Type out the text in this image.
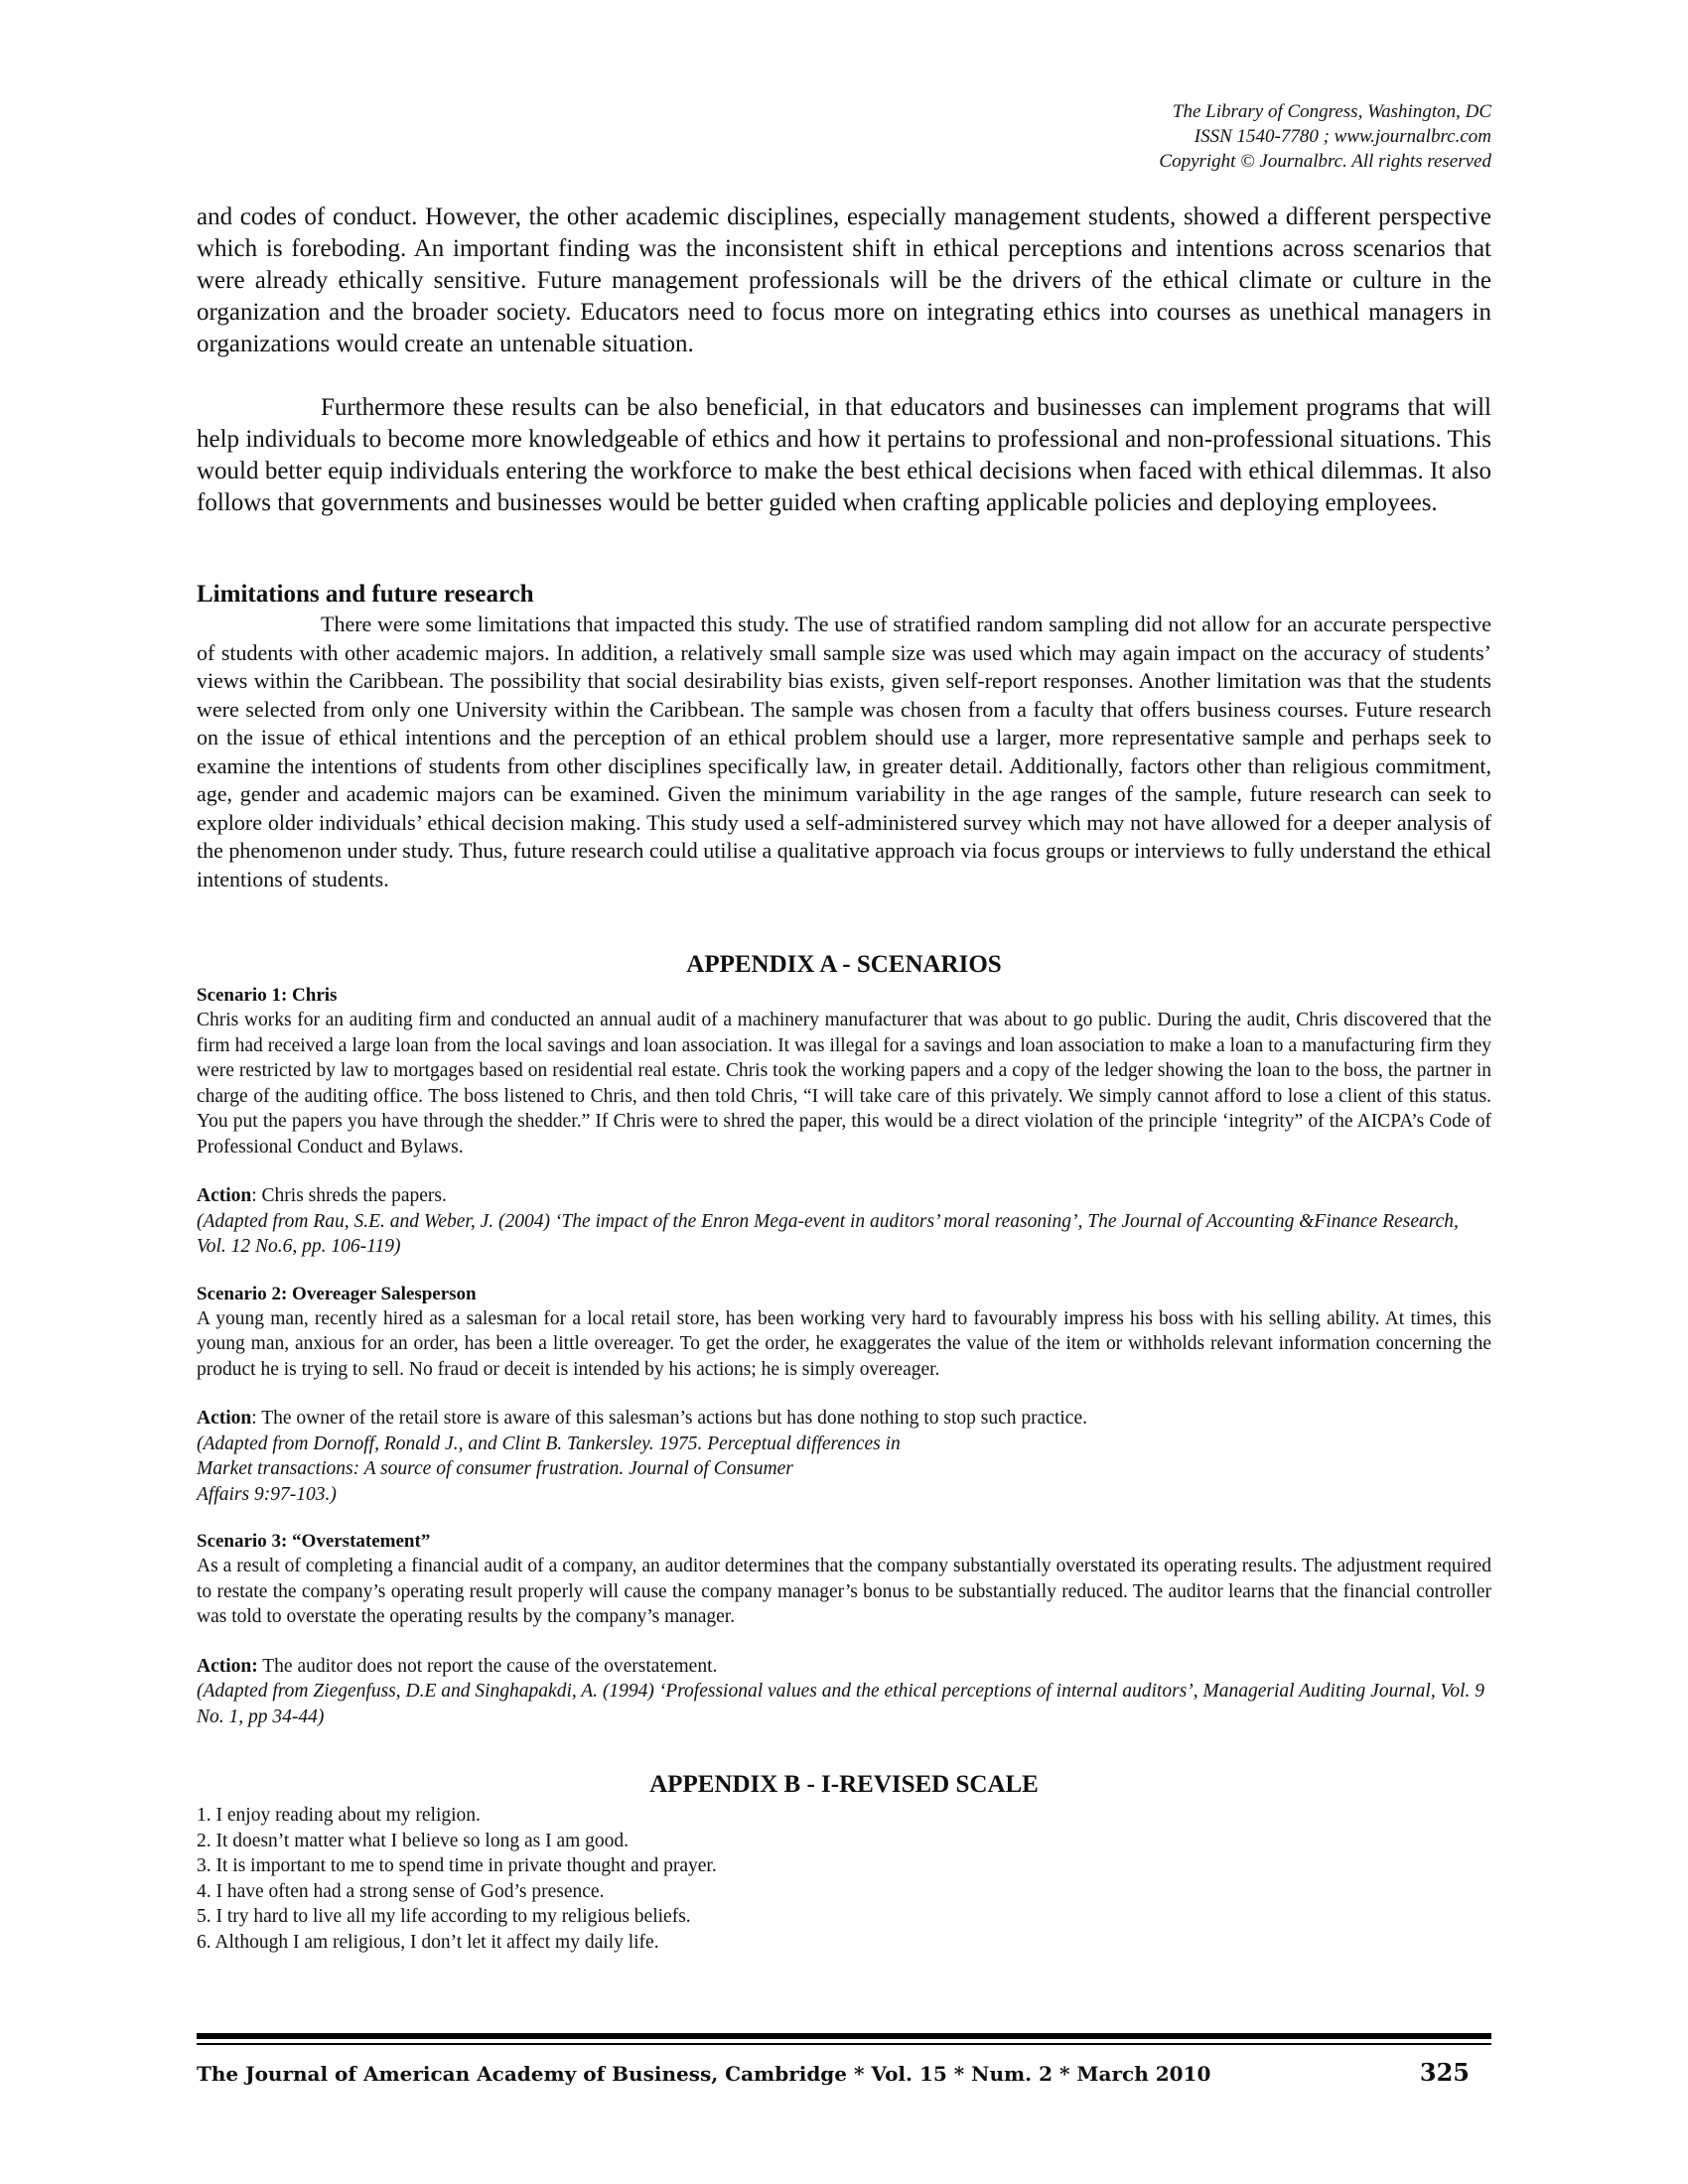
The Library of Congress, Washington, DC
ISSN 1540-7780 ; www.journalbrc.com
Copyright © Journalbrc. All rights reserved

and codes of conduct. However, the other academic disciplines, especially management students, showed a different perspective which is foreboding. An important finding was the inconsistent shift in ethical perceptions and intentions across scenarios that were already ethically sensitive. Future management professionals will be the drivers of the ethical climate or culture in the organization and the broader society. Educators need to focus more on integrating ethics into courses as unethical managers in organizations would create an untenable situation.

Furthermore these results can be also beneficial, in that educators and businesses can implement programs that will help individuals to become more knowledgeable of ethics and how it pertains to professional and non-professional situations. This would better equip individuals entering the workforce to make the best ethical decisions when faced with ethical dilemmas. It also follows that governments and businesses would be better guided when crafting applicable policies and deploying employees.

Limitations and future research

There were some limitations that impacted this study. The use of stratified random sampling did not allow for an accurate perspective of students with other academic majors. In addition, a relatively small sample size was used which may again impact on the accuracy of students’ views within the Caribbean. The possibility that social desirability bias exists, given self-report responses. Another limitation was that the students were selected from only one University within the Caribbean. The sample was chosen from a faculty that offers business courses. Future research on the issue of ethical intentions and the perception of an ethical problem should use a larger, more representative sample and perhaps seek to examine the intentions of students from other disciplines specifically law, in greater detail. Additionally, factors other than religious commitment, age, gender and academic majors can be examined. Given the minimum variability in the age ranges of the sample, future research can seek to explore older individuals’ ethical decision making. This study used a self-administered survey which may not have allowed for a deeper analysis of the phenomenon under study. Thus, future research could utilise a qualitative approach via focus groups or interviews to fully understand the ethical intentions of students.

APPENDIX A - SCENARIOS

Scenario 1: Chris

Chris works for an auditing firm and conducted an annual audit of a machinery manufacturer that was about to go public. During the audit, Chris discovered that the firm had received a large loan from the local savings and loan association. It was illegal for a savings and loan association to make a loan to a manufacturing firm they were restricted by law to mortgages based on residential real estate. Chris took the working papers and a copy of the ledger showing the loan to the boss, the partner in charge of the auditing office. The boss listened to Chris, and then told Chris, “I will take care of this privately. We simply cannot afford to lose a client of this status. You put the papers you have through the shedder.” If Chris were to shred the paper, this would be a direct violation of the principle ‘integrity” of the AICPA’s Code of Professional Conduct and Bylaws.

Action: Chris shreds the papers.

(Adapted from Rau, S.E. and Weber, J. (2004) ‘The impact of the Enron Mega-event in auditors’ moral reasoning’, The Journal of Accounting &Finance Research, Vol. 12 No.6, pp. 106-119)

Scenario 2: Overeager Salesperson

A young man, recently hired as a salesman for a local retail store, has been working very hard to favourably impress his boss with his selling ability. At times, this young man, anxious for an order, has been a little overeager. To get the order, he exaggerates the value of the item or withholds relevant information concerning the product he is trying to sell. No fraud or deceit is intended by his actions; he is simply overeager.

Action: The owner of the retail store is aware of this salesman’s actions but has done nothing to stop such practice.

(Adapted from Dornoff, Ronald J., and Clint B. Tankersley. 1975. Perceptual differences in

Market transactions: A source of consumer frustration. Journal of Consumer

Affairs 9:97-103.)

Scenario 3: “Overstatement”

As a result of completing a financial audit of a company, an auditor determines that the company substantially overstated its operating results. The adjustment required to restate the company’s operating result properly will cause the company manager’s bonus to be substantially reduced. The auditor learns that the financial controller was told to overstate the operating results by the company’s manager.

Action: The auditor does not report the cause of the overstatement.

(Adapted from Ziegenfuss, D.E and Singhapakdi, A. (1994) ‘Professional values and the ethical perceptions of internal auditors’, Managerial Auditing Journal, Vol. 9 No. 1, pp 34-44)

APPENDIX B - I-REVISED SCALE

1. I enjoy reading about my religion.
2. It doesn’t matter what I believe so long as I am good.
3. It is important to me to spend time in private thought and prayer.
4. I have often had a strong sense of God’s presence.
5. I try hard to live all my life according to my religious beliefs.
6. Although I am religious, I don’t let it affect my daily life.
The Journal of American Academy of Business, Cambridge * Vol. 15 * Num. 2 * March 2010	325
